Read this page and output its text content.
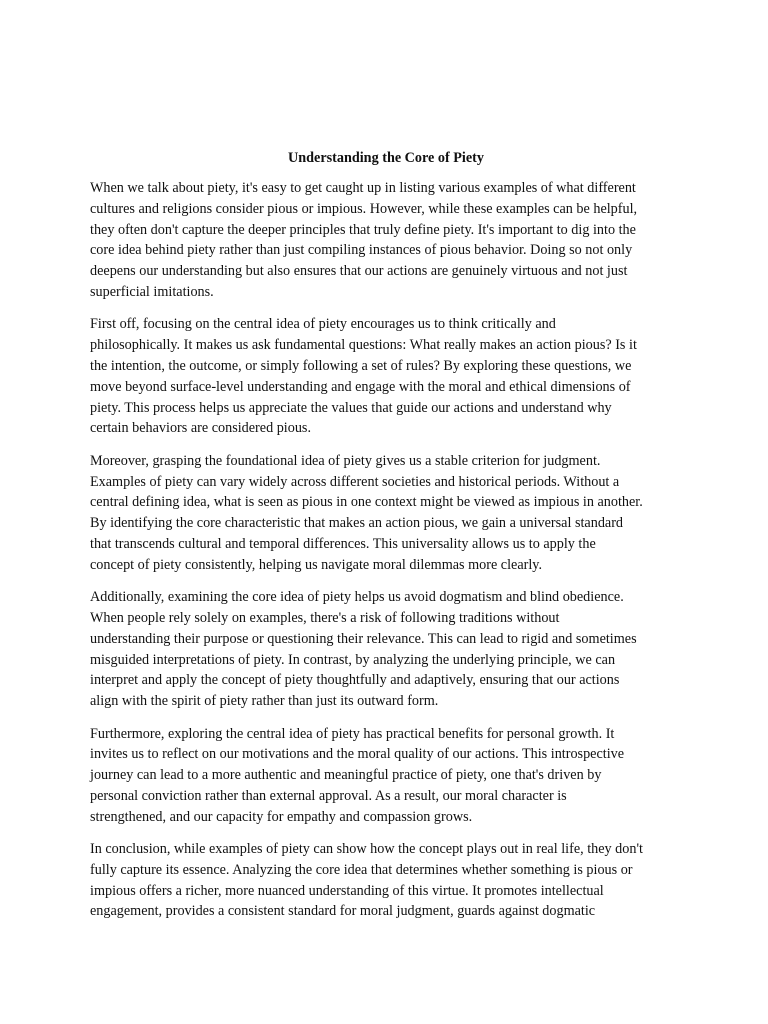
Understanding the Core of Piety

When we talk about piety, it's easy to get caught up in listing various examples of what different
cultures and religions consider pious or impious. However, while these examples can be helpful,
they often don't capture the deeper principles that truly define piety. It's important to dig into the
core idea behind piety rather than just compiling instances of pious behavior. Doing so not only
deepens our understanding but also ensures that our actions are genuinely virtuous and not just
superficial imitations.

First off, focusing on the central idea of piety encourages us to think critically and
philosophically. It makes us ask fundamental questions: What really makes an action pious? Is it
the intention, the outcome, or simply following a set of rules? By exploring these questions, we
move beyond surface-level understanding and engage with the moral and ethical dimensions of
piety. This process helps us appreciate the values that guide our actions and understand why
certain behaviors are considered pious.

Moreover, grasping the foundational idea of piety gives us a stable criterion for judgment.
Examples of piety can vary widely across different societies and historical periods. Without a
central defining idea, what is seen as pious in one context might be viewed as impious in another.
By identifying the core characteristic that makes an action pious, we gain a universal standard
that transcends cultural and temporal differences. This universality allows us to apply the
concept of piety consistently, helping us navigate moral dilemmas more clearly.

Additionally, examining the core idea of piety helps us avoid dogmatism and blind obedience.
When people rely solely on examples, there's a risk of following traditions without
understanding their purpose or questioning their relevance. This can lead to rigid and sometimes
misguided interpretations of piety. In contrast, by analyzing the underlying principle, we can
interpret and apply the concept of piety thoughtfully and adaptively, ensuring that our actions
align with the spirit of piety rather than just its outward form.

Furthermore, exploring the central idea of piety has practical benefits for personal growth. It
invites us to reflect on our motivations and the moral quality of our actions. This introspective
journey can lead to a more authentic and meaningful practice of piety, one that's driven by
personal conviction rather than external approval. As a result, our moral character is
strengthened, and our capacity for empathy and compassion grows.

In conclusion, while examples of piety can show how the concept plays out in real life, they don't
fully capture its essence. Analyzing the core idea that determines whether something is pious or
impious offers a richer, more nuanced understanding of this virtue. It promotes intellectual
engagement, provides a consistent standard for moral judgment, guards against dogmatic
